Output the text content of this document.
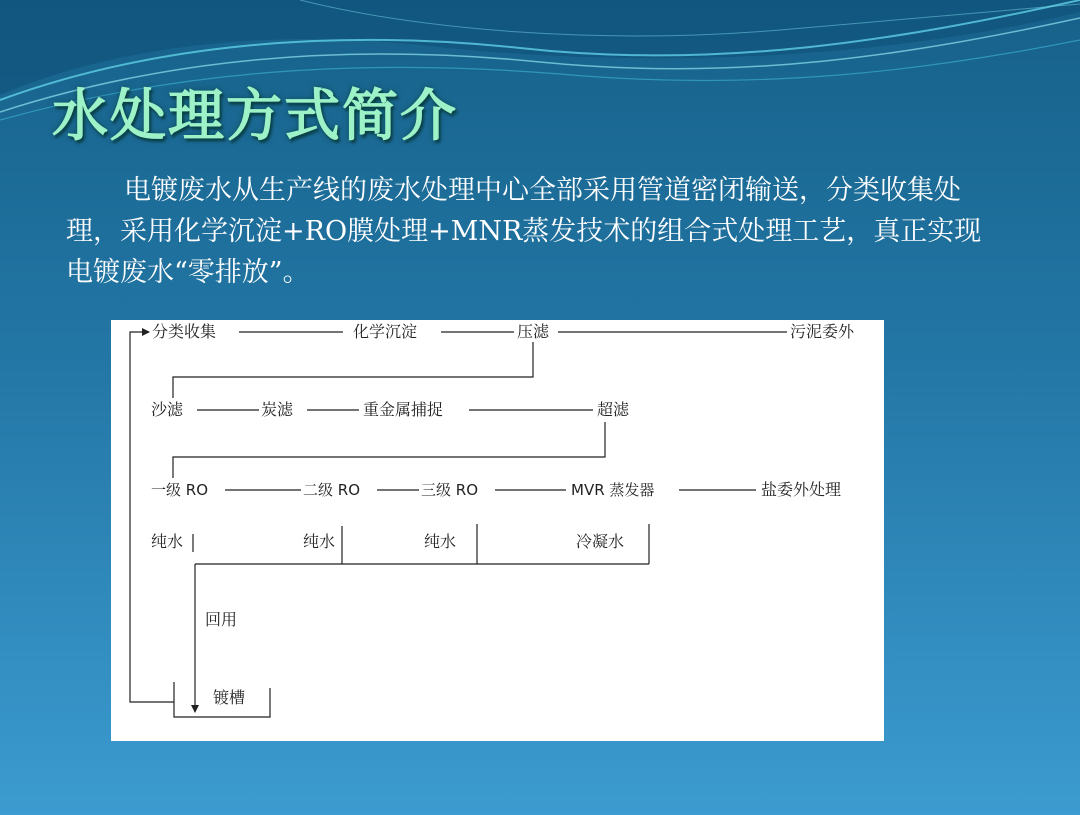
水处理方式简介

电镀废水从生产线的废水处理中心全部采用管道密闭输送，分类收集处理，采用化学沉淀+RO膜处理+MNR蒸发技术的组合式处理工艺，真正实现电镀废水“零排放”。

分类收集	化学沉淀	压滤	污泥委外
沙滤	炭滤	重金属捕捉	超滤
一级 RO	二级 RO	三级 RO	MVR 蒸发器	盐委外处理
纯水	纯水	纯水	冷凝水
回用
镀槽
